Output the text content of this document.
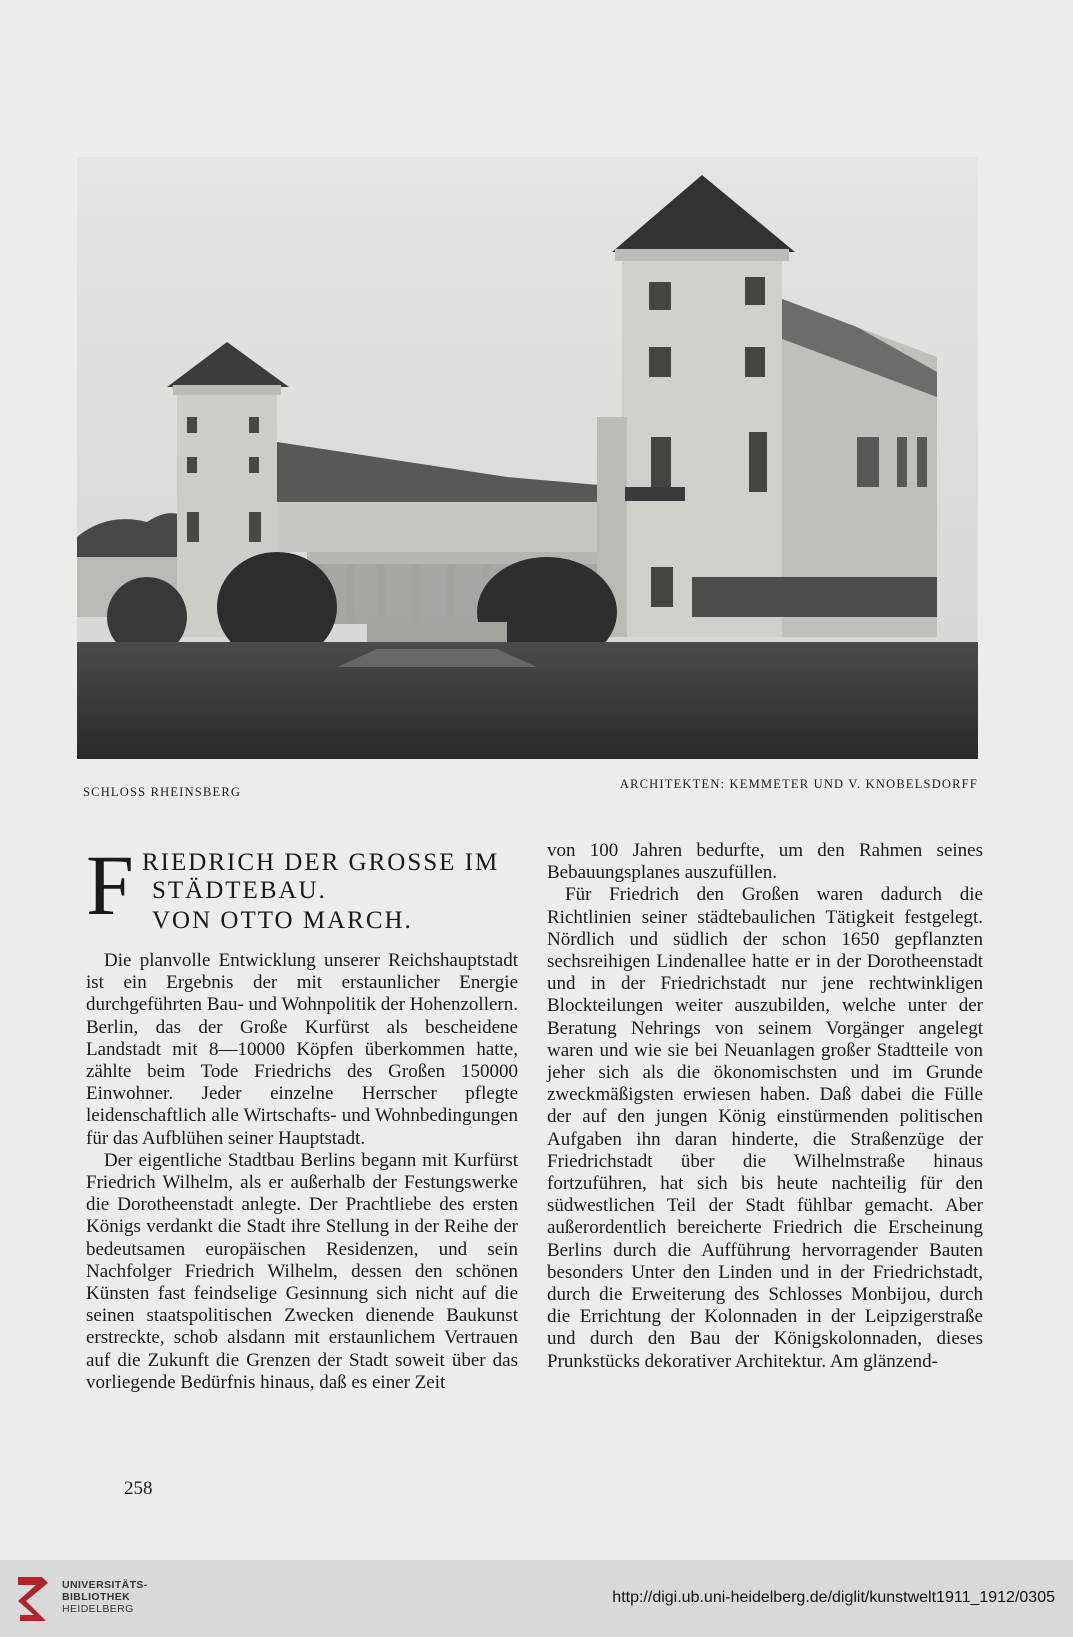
SCHLOSS RHEINSBERG
ARCHITEKTEN: KEMMETER UND V. KNOBELSDORFF
F RIEDRICH DER GROSSE IM
STÄDTEBAU.
VON OTTO MARCH.

Die planvolle Entwicklung unserer Reichshauptstadt ist ein Ergebnis der mit erstaunlicher Energie durchgeführten Bau- und Wohnpolitik der Hohenzollern. Berlin, das der Große Kurfürst als bescheidene Landstadt mit 8—10000 Köpfen überkommen hatte, zählte beim Tode Friedrichs des Großen 150000 Einwohner. Jeder einzelne Herrscher pflegte leidenschaftlich alle Wirtschafts- und Wohnbedingungen für das Aufblühen seiner Hauptstadt.

Der eigentliche Stadtbau Berlins begann mit Kurfürst Friedrich Wilhelm, als er außerhalb der Festungswerke die Dorotheenstadt anlegte. Der Prachtliebe des ersten Königs verdankt die Stadt ihre Stellung in der Reihe der bedeutsamen europäischen Residenzen, und sein Nachfolger Friedrich Wilhelm, dessen den schönen Künsten fast feindselige Gesinnung sich nicht auf die seinen staatspolitischen Zwecken dienende Baukunst erstreckte, schob alsdann mit erstaunlichem Vertrauen auf die Zukunft die Grenzen der Stadt soweit über das vorliegende Bedürfnis hinaus, daß es einer Zeit

von 100 Jahren bedurfte, um den Rahmen seines Bebauungsplanes auszufüllen.

Für Friedrich den Großen waren dadurch die Richtlinien seiner städtebaulichen Tätigkeit festgelegt. Nördlich und südlich der schon 1650 gepflanzten sechsreihigen Lindenallee hatte er in der Dorotheenstadt und in der Friedrichstadt nur jene rechtwinkligen Blockteilungen weiter auszubilden, welche unter der Beratung Nehrings von seinem Vorgänger angelegt waren und wie sie bei Neuanlagen großer Stadtteile von jeher sich als die ökonomischsten und im Grunde zweckmäßigsten erwiesen haben. Daß dabei die Fülle der auf den jungen König einstürmenden politischen Aufgaben ihn daran hinderte, die Straßenzüge der Friedrichstadt über die Wilhelmstraße hinaus fortzuführen, hat sich bis heute nachteilig für den südwestlichen Teil der Stadt fühlbar gemacht. Aber außerordentlich bereicherte Friedrich die Erscheinung Berlins durch die Aufführung hervorragender Bauten besonders Unter den Linden und in der Friedrichstadt, durch die Erweiterung des Schlosses Monbijou, durch die Errichtung der Kolonnaden in der Leipzigerstraße und durch den Bau der Königskolonnaden, dieses Prunkstücks dekorativer Architektur. Am glänzend-

258
UNIVERSITÄTS-
BIBLIOTHEK
HEIDELBERG
http://digi.ub.uni-heidelberg.de/diglit/kunstwelt1911_1912/0305
